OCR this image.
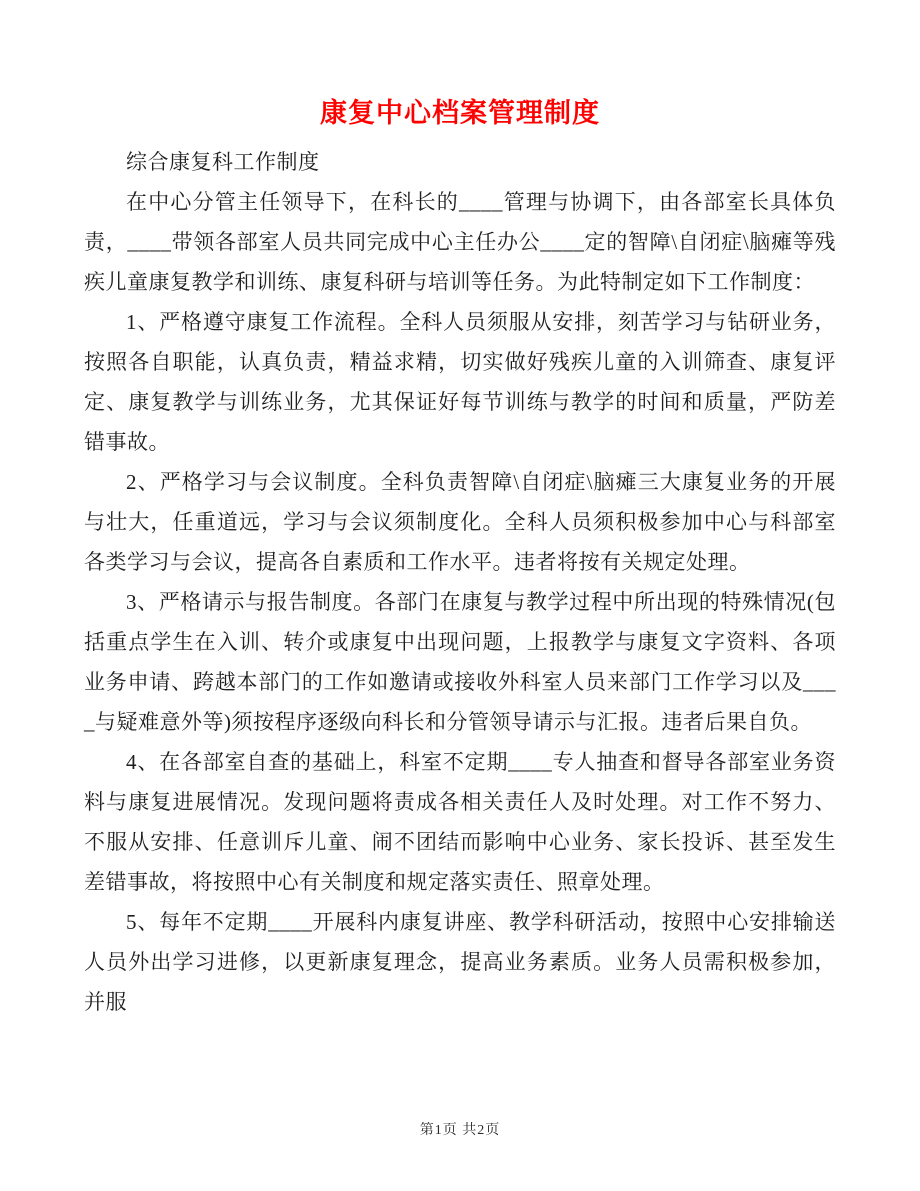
康复中心档案管理制度

综合康复科工作制度

在中心分管主任领导下，在科长的____管理与协调下，由各部室长具体负责，____带领各部室人员共同完成中心主任办公____定的智障\自闭症\脑瘫等残疾儿童康复教学和训练、康复科研与培训等任务。为此特制定如下工作制度：

1、严格遵守康复工作流程。全科人员须服从安排，刻苦学习与钻研业务，按照各自职能，认真负责，精益求精，切实做好残疾儿童的入训筛查、康复评定、康复教学与训练业务，尤其保证好每节训练与教学的时间和质量，严防差错事故。

2、严格学习与会议制度。全科负责智障\自闭症\脑瘫三大康复业务的开展与壮大，任重道远，学习与会议须制度化。全科人员须积极参加中心与科部室各类学习与会议，提高各自素质和工作水平。违者将按有关规定处理。

3、严格请示与报告制度。各部门在康复与教学过程中所出现的特殊情况(包括重点学生在入训、转介或康复中出现问题，上报教学与康复文字资料、各项业务申请、跨越本部门的工作如邀请或接收外科室人员来部门工作学习以及____与疑难意外等)须按程序逐级向科长和分管领导请示与汇报。违者后果自负。

4、在各部室自查的基础上，科室不定期____专人抽查和督导各部室业务资料与康复进展情况。发现问题将责成各相关责任人及时处理。对工作不努力、不服从安排、任意训斥儿童、闹不团结而影响中心业务、家长投诉、甚至发生差错事故，将按照中心有关制度和规定落实责任、照章处理。

5、每年不定期____开展科内康复讲座、教学科研活动，按照中心安排输送人员外出学习进修，以更新康复理念，提高业务素质。业务人员需积极参加，并服

第1页 共2页
